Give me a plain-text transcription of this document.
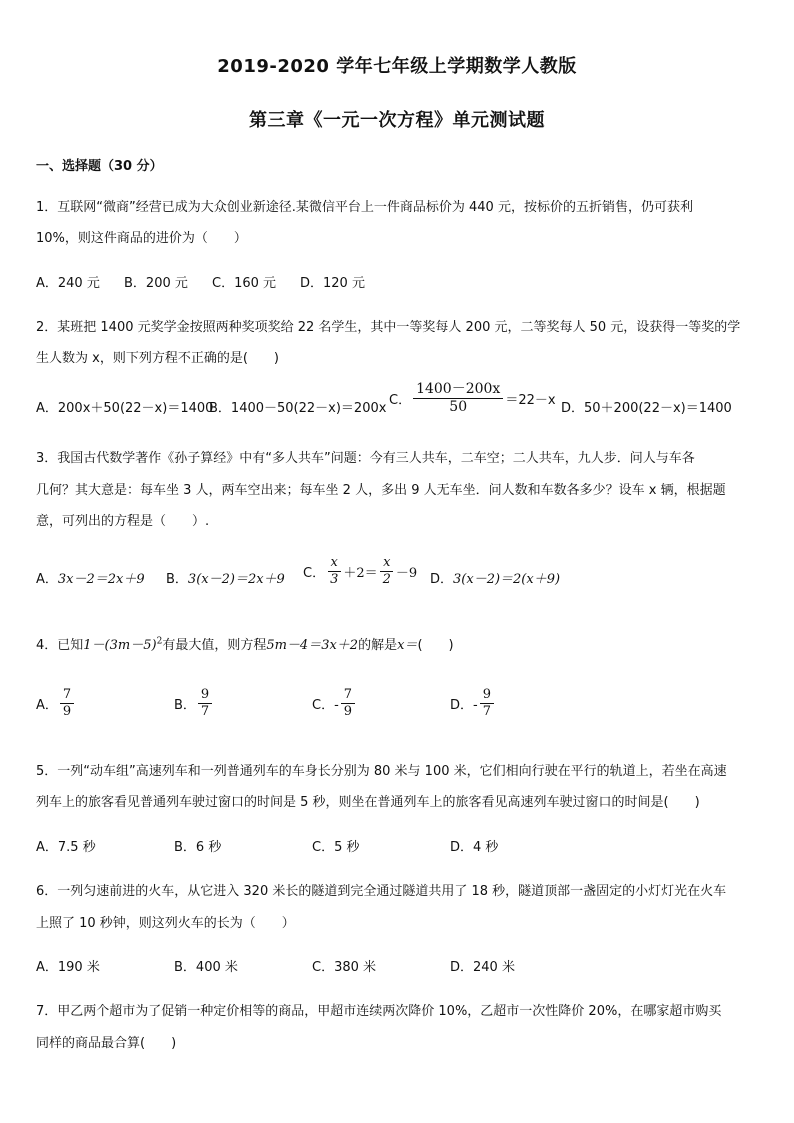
2019-2020 学年七年级上学期数学人教版
第三章《一元一次方程》单元测试题
一、选择题（30 分）
1．互联网“微商”经营已成为大众创业新途径.某微信平台上一件商品标价为 440 元，按标价的五折销售，仍可获利
10%，则这件商品的进价为（　　）
A．240 元 B．200 元 C．160 元 D．120 元
2．某班把 1400 元奖学金按照两种奖项奖给 22 名学生，其中一等奖每人 200 元，二等奖每人 50 元，设获得一等奖的学
生人数为 x，则下列方程不正确的是(　　)
A．200x＋50(22－x)＝1400
B．1400－50(22－x)＝200x
C． $\frac{1400-200x}{50} =22-x$
D．50＋200(22－x)＝1400
3．我国古代数学著作《孙子算经》中有“多人共车”问题：今有三人共车，二车空；二人共车，九人步．问人与车各
几何？其大意是：每车坐 3 人，两车空出来；每车坐 2 人，多出 9 人无车坐．问人数和车数各多少？设车 x 辆，根据题
意，可列出的方程是（　　）.
A．3x－2＝2x＋9 B．3(x－2)＝2x＋9 C． $\frac{x}{3} +2= \frac{x}{2} -9$ D．3(x－2)＝2(x＋9)
4．已知$1-(3m-5)^2$有最大值，则方程5m－4＝3x＋2的解是x＝(　　)
A． $\frac{7}{9}$	B． $\frac{9}{7}$	C．- $\frac{7}{9}$	D．- $\frac{9}{7}$
5．一列“动车组”高速列车和一列普通列车的车身长分别为 80 米与 100 米，它们相向行驶在平行的轨道上，若坐在高速
列车上的旅客看见普通列车驶过窗口的时间是 5 秒，则坐在普通列车上的旅客看见高速列车驶过窗口的时间是(　　)
A．7.5 秒	B．6 秒	C．5 秒	D．4 秒
6．一列匀速前进的火车，从它进入 320 米长的隧道到完全通过隧道共用了 18 秒，隧道顶部一盏固定的小灯灯光在火车
上照了 10 秒钟，则这列火车的长为（　　）
A．190 米	B．400 米	C．380 米	D．240 米
7．甲乙两个超市为了促销一种定价相等的商品，甲超市连续两次降价 10%，乙超市一次性降价 20%，在哪家超市购买
同样的商品最合算(　　)
